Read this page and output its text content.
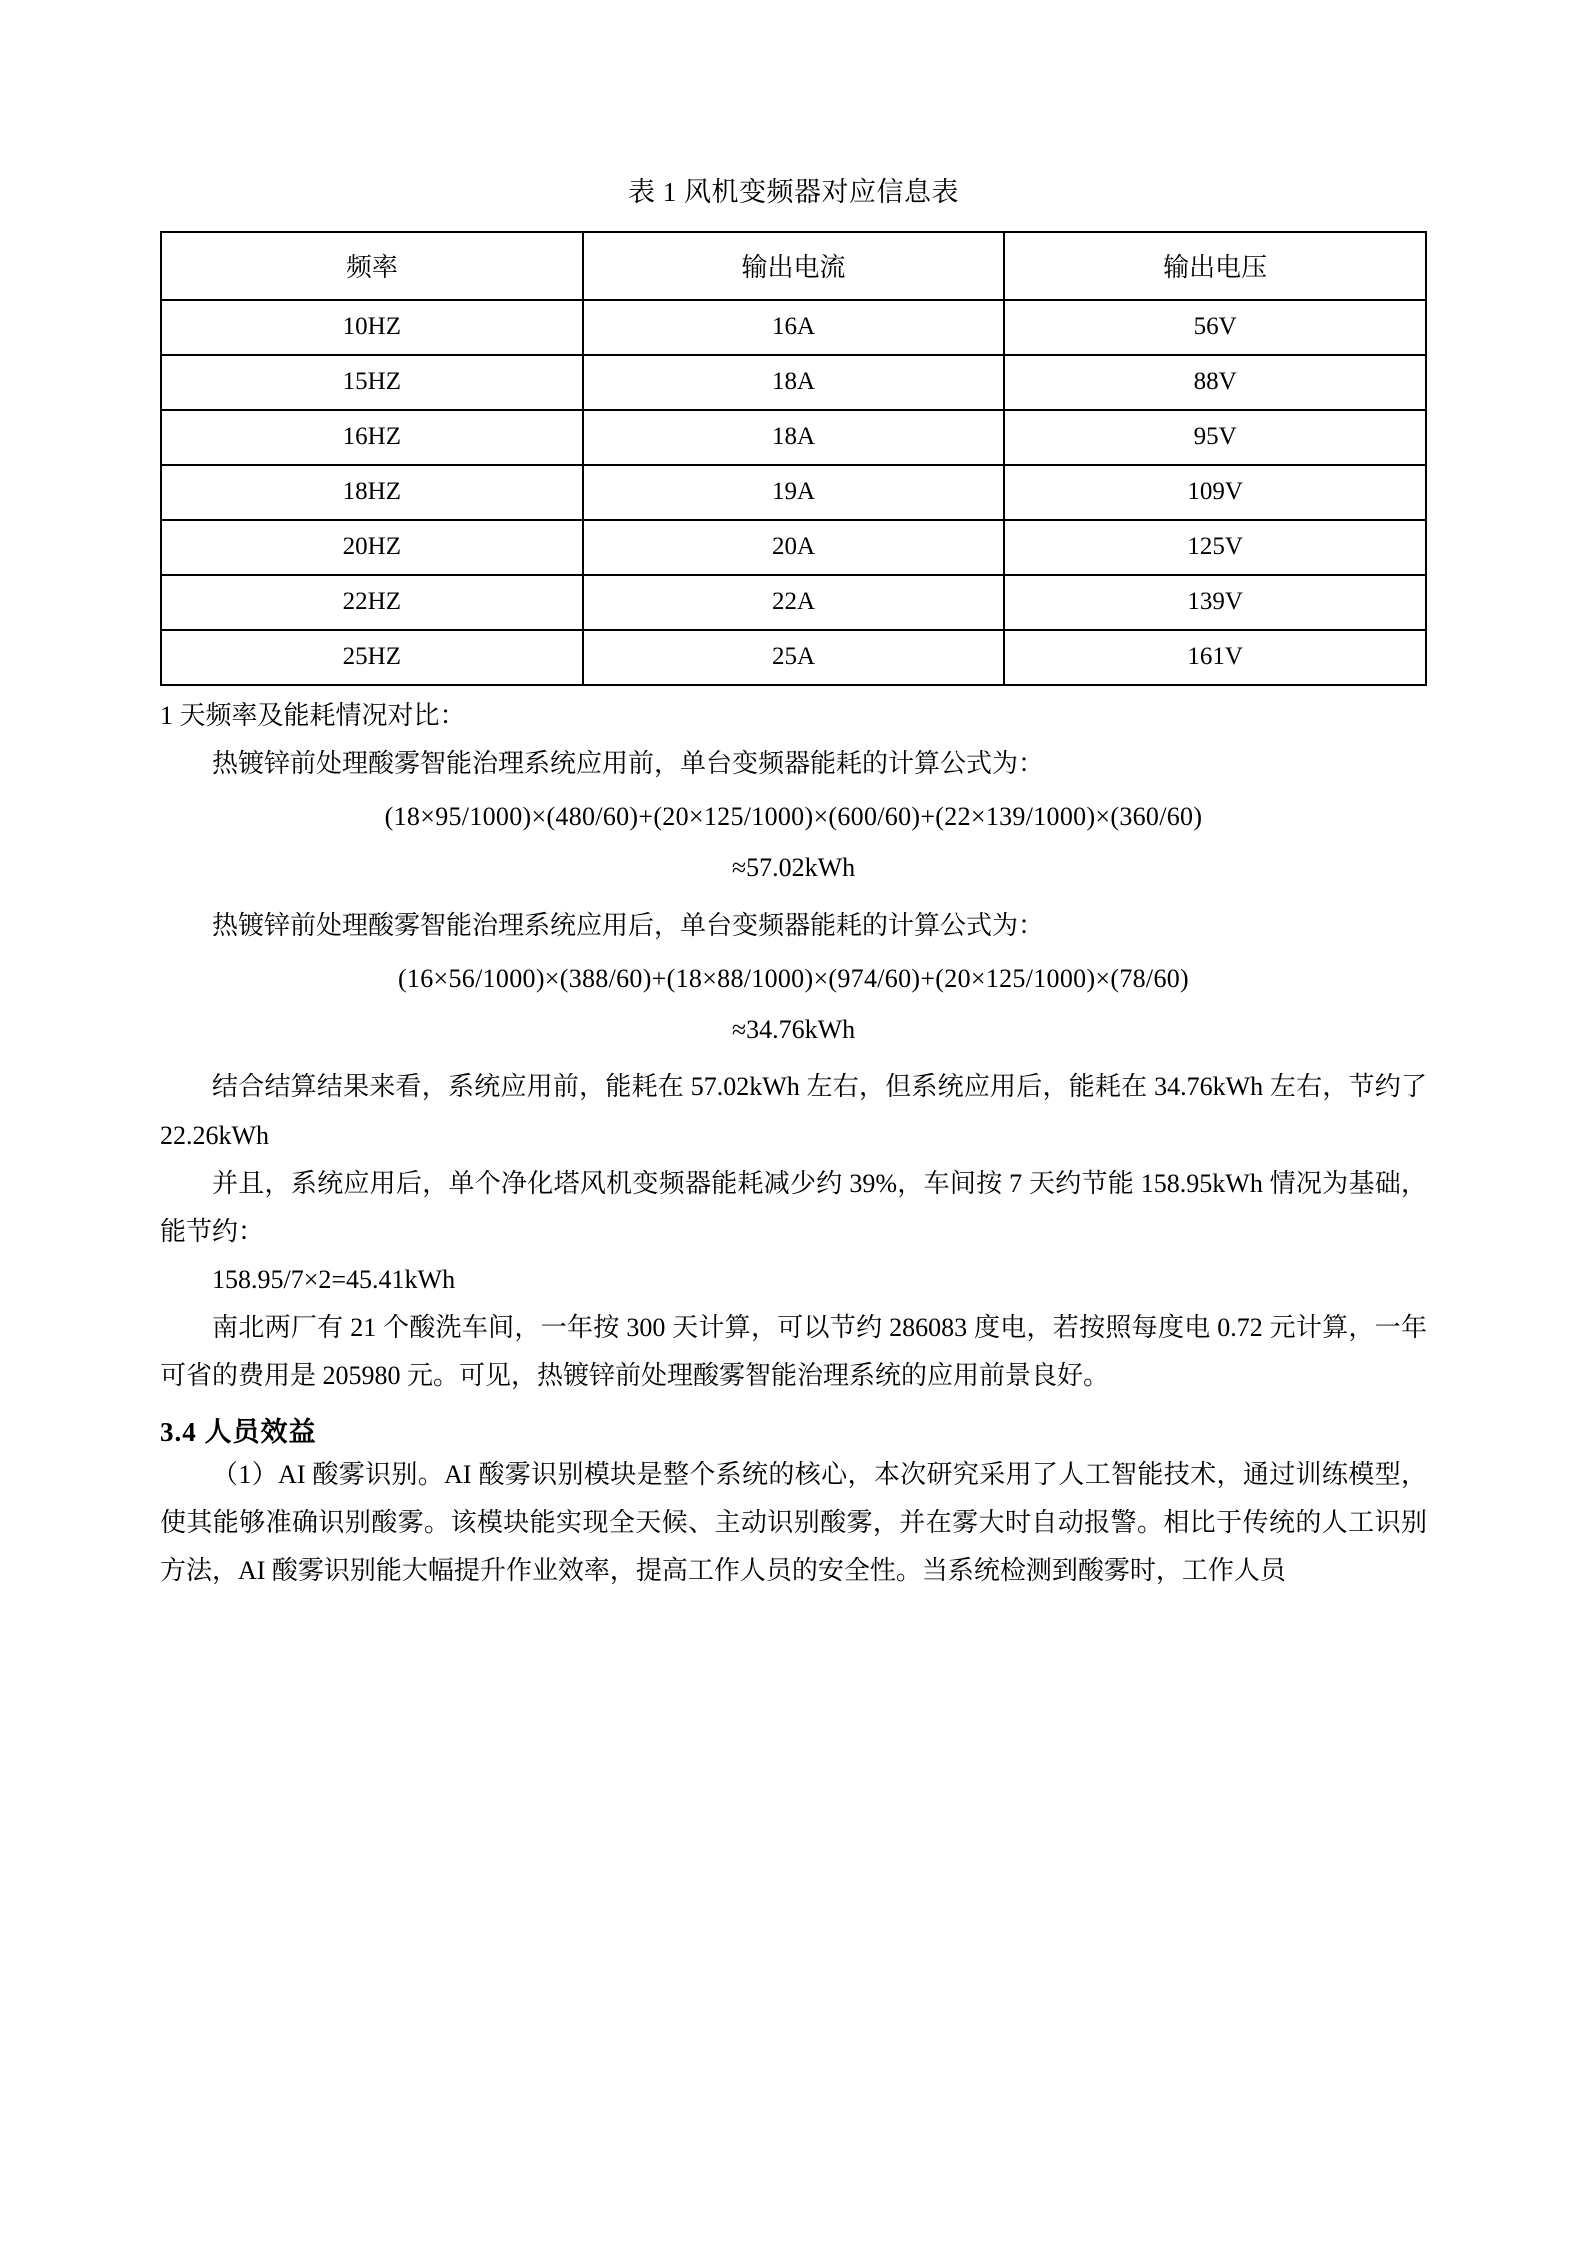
表 1 风机变频器对应信息表
频率	输出电流	输出电压
10HZ	16A	56V
15HZ	18A	88V
16HZ	18A	95V
18HZ	19A	109V
20HZ	20A	125V
22HZ	22A	139V
25HZ	25A	161V

1 天频率及能耗情况对比：

热镀锌前处理酸雾智能治理系统应用前，单台变频器能耗的计算公式为：

(18×95/1000)×(480/60)+(20×125/1000)×(600/60)+(22×139/1000)×(360/60)
≈57.02kWh

热镀锌前处理酸雾智能治理系统应用后，单台变频器能耗的计算公式为：

(16×56/1000)×(388/60)+(18×88/1000)×(974/60)+(20×125/1000)×(78/60)
≈34.76kWh

结合结算结果来看，系统应用前，能耗在 57.02kWh 左右，但系统应用后，能耗在 34.76kWh 左右，节约了 22.26kWh

并且，系统应用后，单个净化塔风机变频器能耗减少约 39%，车间按 7 天约节能 158.95kWh 情况为基础，能节约：

158.95/7×2=45.41kWh

南北两厂有 21 个酸洗车间，一年按 300 天计算，可以节约 286083 度电，若按照每度电 0.72 元计算，一年可省的费用是 205980 元。可见，热镀锌前处理酸雾智能治理系统的应用前景良好。

3.4 人员效益

（1）AI 酸雾识别。AI 酸雾识别模块是整个系统的核心，本次研究采用了人工智能技术，通过训练模型，使其能够准确识别酸雾。该模块能实现全天候、主动识别酸雾，并在雾大时自动报警。相比于传统的人工识别方法，AI 酸雾识别能大幅提升作业效率，提高工作人员的安全性。当系统检测到酸雾时，工作人员
